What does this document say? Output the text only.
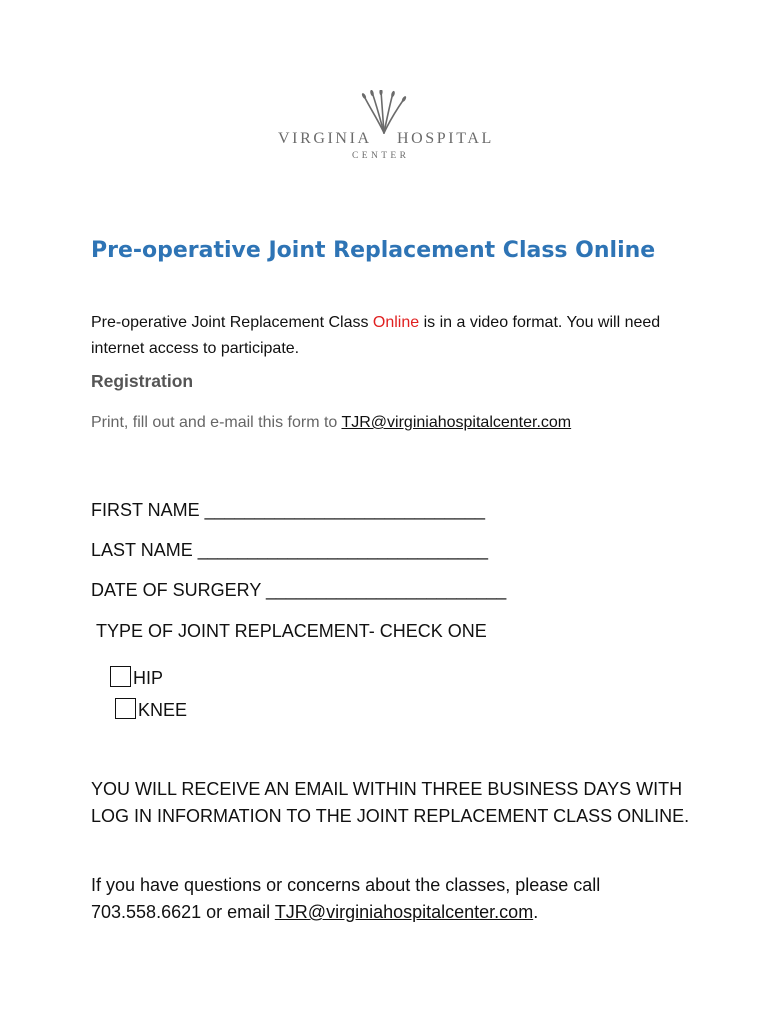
VIRGINIA HOSPITAL
CENTER
Pre-operative Joint Replacement Class Online

Pre-operative Joint Replacement Class Online is in a video format. You will need internet access to participate.

Registration

Print, fill out and e-mail this form to TJR@virginiahospitalcenter.com

FIRST NAME ____________________________

LAST NAME _____________________________

DATE OF SURGERY ________________________

TYPE OF JOINT REPLACEMENT- CHECK ONE

HIP
KNEE

YOU WILL RECEIVE AN EMAIL WITHIN THREE BUSINESS DAYS WITH LOG IN INFORMATION TO THE JOINT REPLACEMENT CLASS ONLINE.

If you have questions or concerns about the classes, please call 703.558.6621 or email TJR@virginiahospitalcenter.com.
